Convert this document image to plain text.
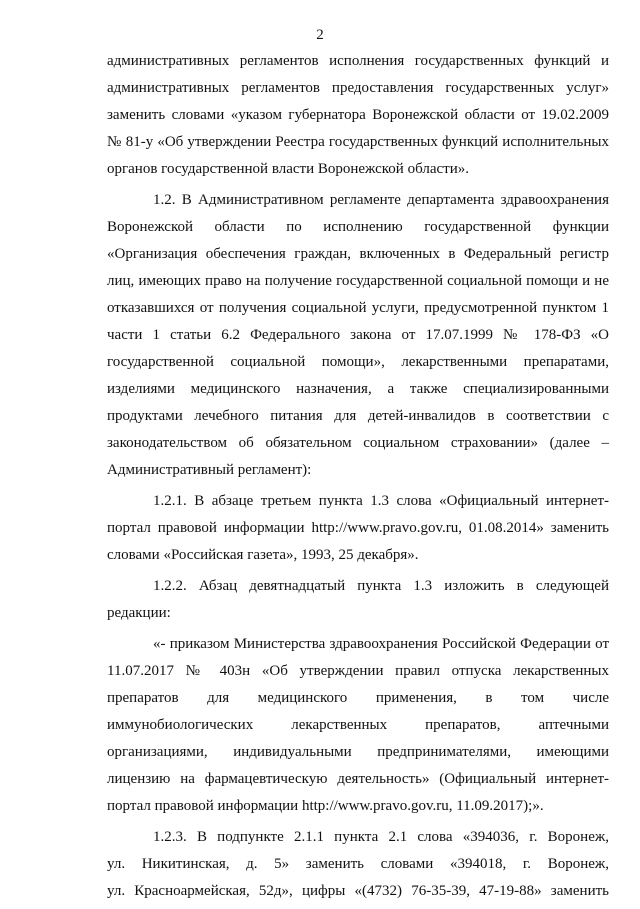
2
административных регламентов исполнения государственных функций и
административных регламентов предоставления государственных услуг»
заменить словами «указом губернатора Воронежской области от 19.02.2009
№ 81-у «Об утверждении Реестра государственных функций исполнительных
органов государственной власти Воронежской области».
1.2. В Административном регламенте департамента здравоохранения
Воронежской области по исполнению государственной функции
«Организация обеспечения граждан, включенных в Федеральный регистр
лиц, имеющих право на получение государственной социальной помощи и не
отказавшихся от получения социальной услуги, предусмотренной пунктом 1
части 1 статьи 6.2 Федерального закона от 17.07.1999 № 178-ФЗ «О
государственной социальной помощи», лекарственными препаратами,
изделиями медицинского назначения, а также специализированными
продуктами лечебного питания для детей-инвалидов в соответствии с
законодательством об обязательном социальном страховании» (далее –
Административный регламент):
1.2.1. В абзаце третьем пункта 1.3 слова «Официальный интернет-
портал правовой информации http://www.pravo.gov.ru, 01.08.2014» заменить
словами «Российская газета», 1993, 25 декабря».
1.2.2. Абзац девятнадцатый пункта 1.3 изложить в следующей
редакции:
«- приказом Министерства здравоохранения Российской Федерации от
11.07.2017 № 403н «Об утверждении правил отпуска лекарственных
препаратов для медицинского применения, в том числе
иммунобиологических лекарственных препаратов, аптечными
организациями, индивидуальными предпринимателями, имеющими
лицензию на фармацевтическую деятельность» (Официальный интернет-
портал правовой информации http://www.pravo.gov.ru, 11.09.2017);».
1.2.3. В подпункте 2.1.1 пункта 2.1 слова «394036, г. Воронеж,
ул. Никитинская, д. 5» заменить словами «394018, г. Воронеж,
ул. Красноармейская, 52д», цифры «(4732) 76-35-39, 47-19-88» заменить
